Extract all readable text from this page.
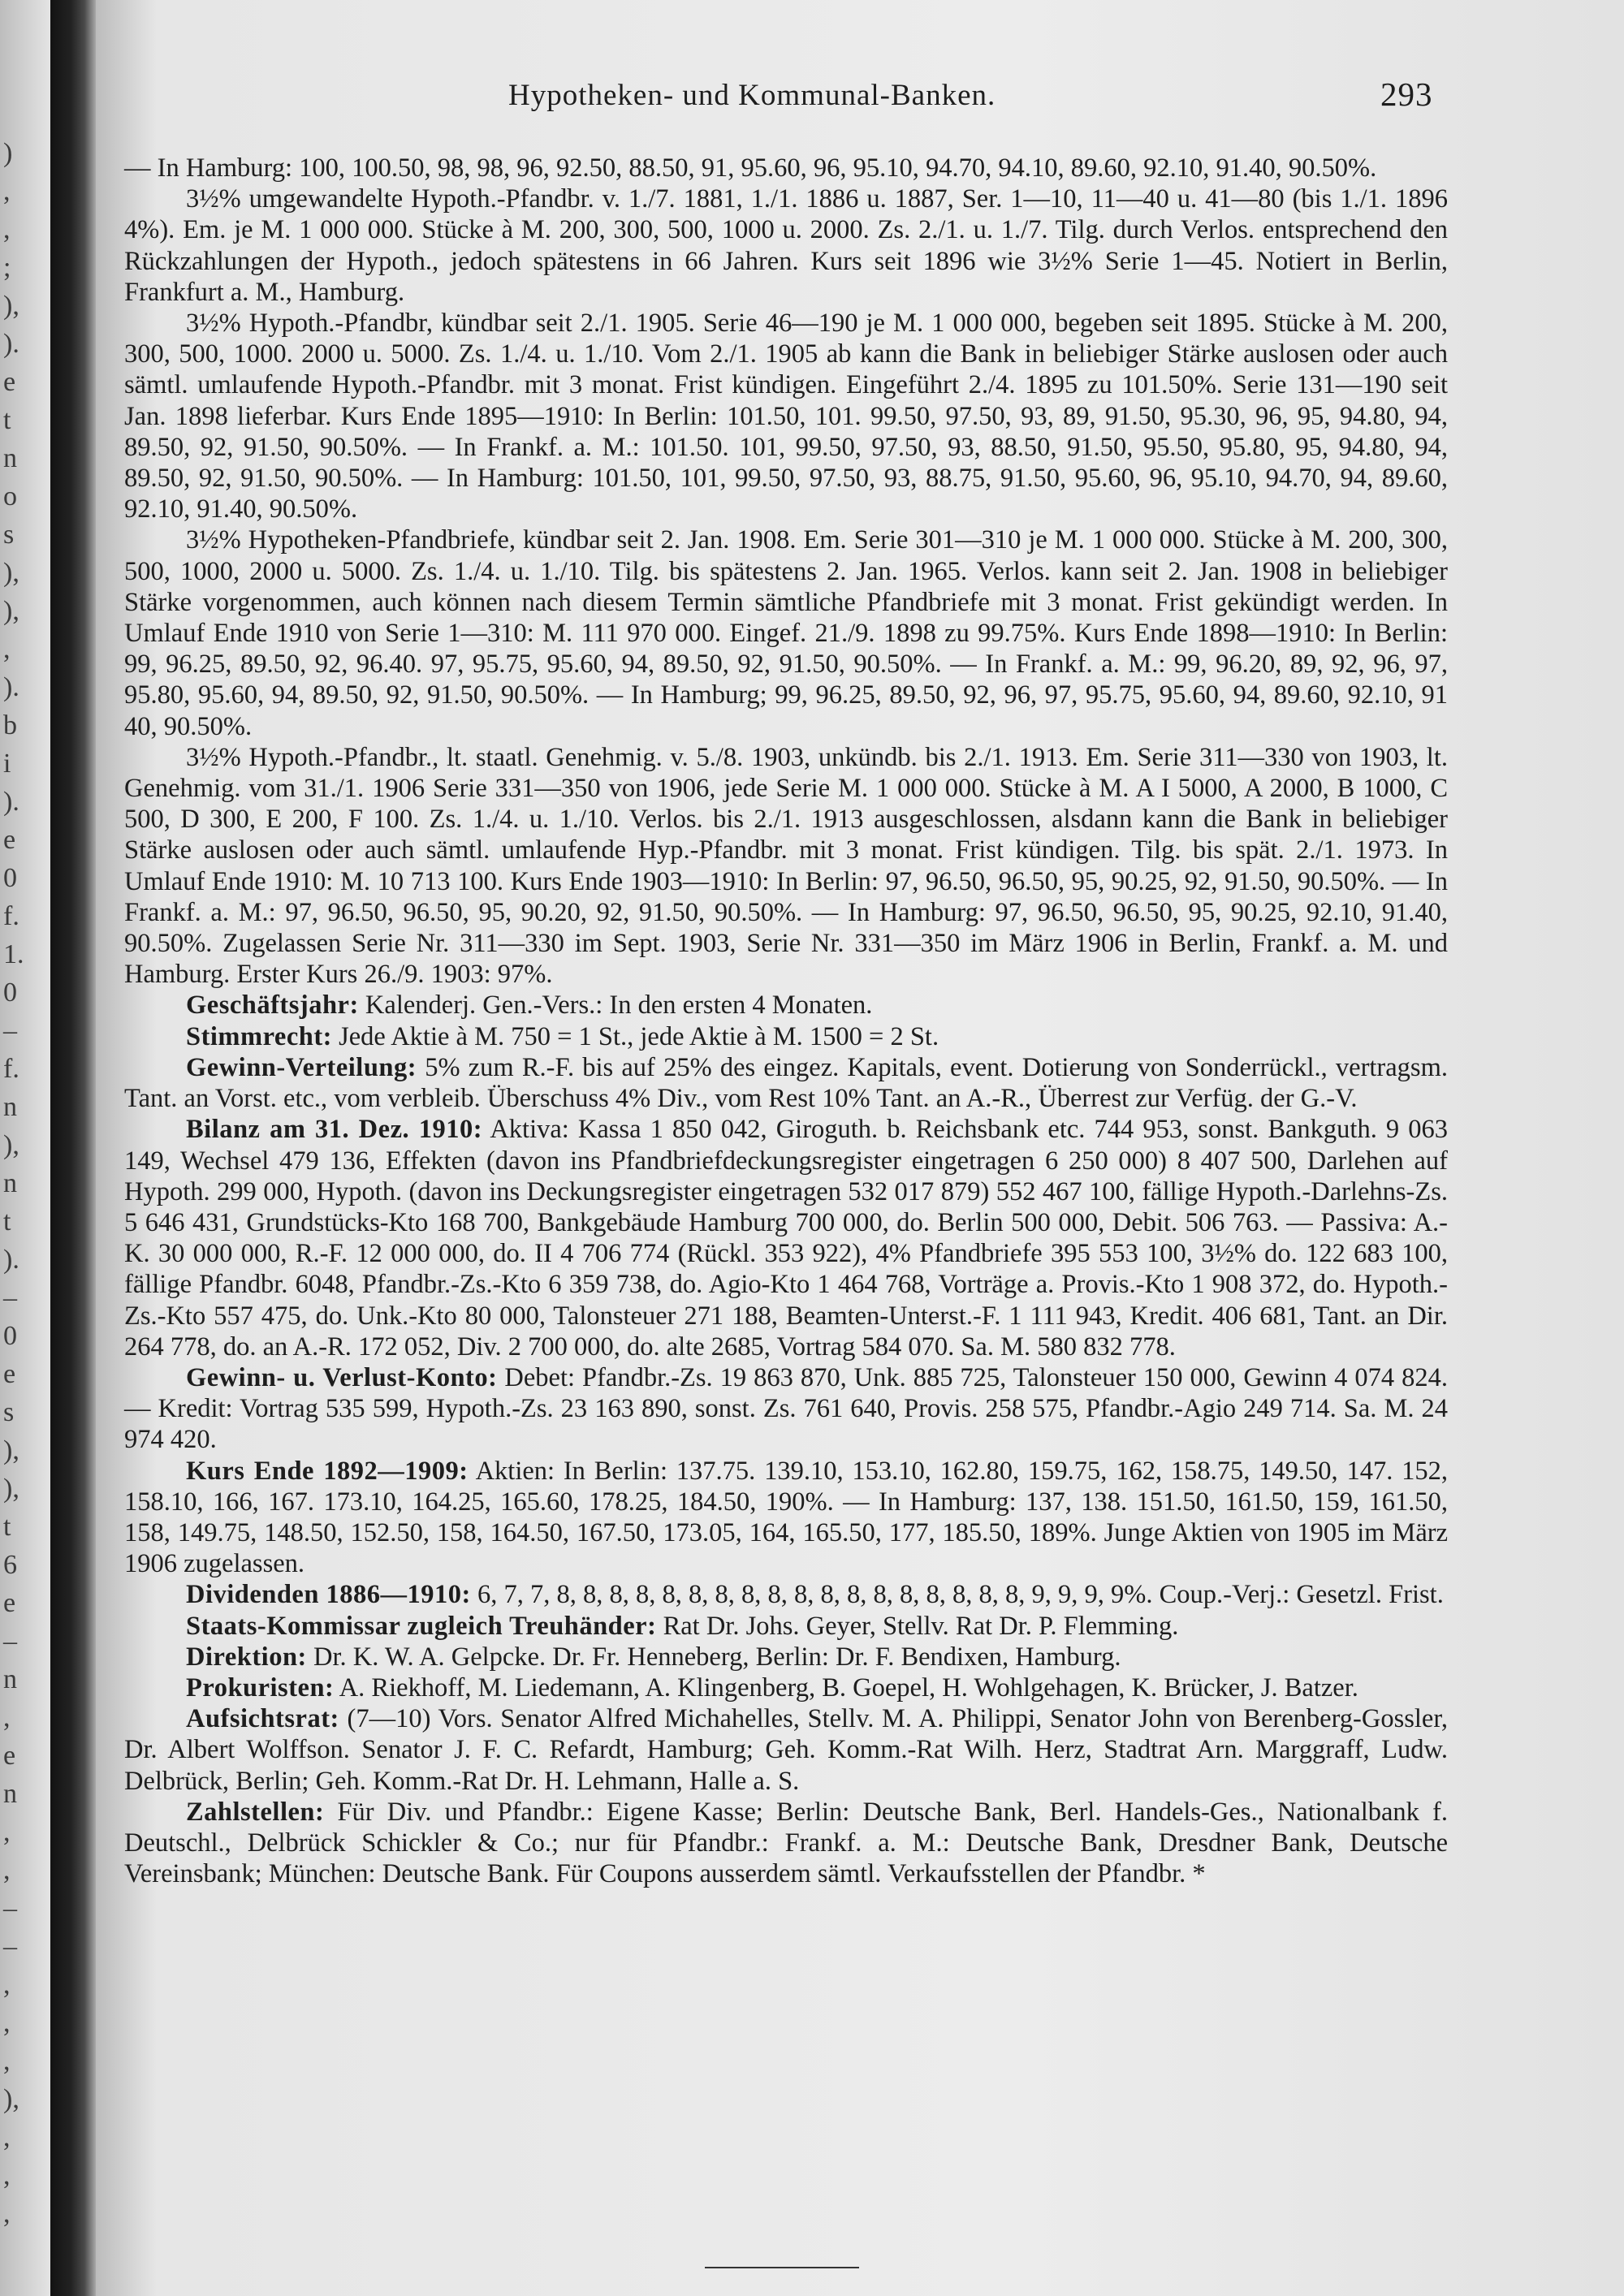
)
,
,
;
),
).
e
t
n
o
s
),
),
,
).
b
i
).
e
0
f.
1.
0
–
f.
n
),
n
t
).
–
0
e
s
),
),
t
6
e
–
n
,
e
n
,
,
–
–
,
,
,
),
,
,
,
Hypotheken- und Kommunal-Banken.	293

— In Hamburg: 100, 100.50, 98, 98, 96, 92.50, 88.50, 91, 95.60, 96, 95.10, 94.70, 94.10, 89.60, 92.10, 91.40, 90.50%.

3½% umgewandelte Hypoth.-Pfandbr. v. 1./7. 1881, 1./1. 1886 u. 1887, Ser. 1—10, 11—40 u. 41—80 (bis 1./1. 1896 4%). Em. je M. 1 000 000. Stücke à M. 200, 300, 500, 1000 u. 2000. Zs. 2./1. u. 1./7. Tilg. durch Verlos. entsprechend den Rückzahlungen der Hypoth., jedoch spätestens in 66 Jahren. Kurs seit 1896 wie 3½% Serie 1—45. Notiert in Berlin, Frankfurt a. M., Hamburg.

3½% Hypoth.-Pfandbr, kündbar seit 2./1. 1905. Serie 46—190 je M. 1 000 000, begeben seit 1895. Stücke à M. 200, 300, 500, 1000. 2000 u. 5000. Zs. 1./4. u. 1./10. Vom 2./1. 1905 ab kann die Bank in beliebiger Stärke auslosen oder auch sämtl. umlaufende Hypoth.-Pfandbr. mit 3 monat. Frist kündigen. Eingeführt 2./4. 1895 zu 101.50%. Serie 131—190 seit Jan. 1898 lieferbar. Kurs Ende 1895—1910: In Berlin: 101.50, 101. 99.50, 97.50, 93, 89, 91.50, 95.30, 96, 95, 94.80, 94, 89.50, 92, 91.50, 90.50%. — In Frankf. a. M.: 101.50. 101, 99.50, 97.50, 93, 88.50, 91.50, 95.50, 95.80, 95, 94.80, 94, 89.50, 92, 91.50, 90.50%. — In Hamburg: 101.50, 101, 99.50, 97.50, 93, 88.75, 91.50, 95.60, 96, 95.10, 94.70, 94, 89.60, 92.10, 91.40, 90.50%.

3½% Hypotheken-Pfandbriefe, kündbar seit 2. Jan. 1908. Em. Serie 301—310 je M. 1 000 000. Stücke à M. 200, 300, 500, 1000, 2000 u. 5000. Zs. 1./4. u. 1./10. Tilg. bis spätestens 2. Jan. 1965. Verlos. kann seit 2. Jan. 1908 in beliebiger Stärke vorgenommen, auch können nach diesem Termin sämtliche Pfandbriefe mit 3 monat. Frist gekündigt werden. In Umlauf Ende 1910 von Serie 1—310: M. 111 970 000. Eingef. 21./9. 1898 zu 99.75%. Kurs Ende 1898—1910: In Berlin: 99, 96.25, 89.50, 92, 96.40. 97, 95.75, 95.60, 94, 89.50, 92, 91.50, 90.50%. — In Frankf. a. M.: 99, 96.20, 89, 92, 96, 97, 95.80, 95.60, 94, 89.50, 92, 91.50, 90.50%. — In Hamburg; 99, 96.25, 89.50, 92, 96, 97, 95.75, 95.60, 94, 89.60, 92.10, 91 40, 90.50%.

3½% Hypoth.-Pfandbr., lt. staatl. Genehmig. v. 5./8. 1903, unkündb. bis 2./1. 1913. Em. Serie 311—330 von 1903, lt. Genehmig. vom 31./1. 1906 Serie 331—350 von 1906, jede Serie M. 1 000 000. Stücke à M. A I 5000, A 2000, B 1000, C 500, D 300, E 200, F 100. Zs. 1./4. u. 1./10. Verlos. bis 2./1. 1913 ausgeschlossen, alsdann kann die Bank in beliebiger Stärke auslosen oder auch sämtl. umlaufende Hyp.-Pfandbr. mit 3 monat. Frist kündigen. Tilg. bis spät. 2./1. 1973. In Umlauf Ende 1910: M. 10 713 100. Kurs Ende 1903—1910: In Berlin: 97, 96.50, 96.50, 95, 90.25, 92, 91.50, 90.50%. — In Frankf. a. M.: 97, 96.50, 96.50, 95, 90.20, 92, 91.50, 90.50%. — In Hamburg: 97, 96.50, 96.50, 95, 90.25, 92.10, 91.40, 90.50%. Zugelassen Serie Nr. 311—330 im Sept. 1903, Serie Nr. 331—350 im März 1906 in Berlin, Frankf. a. M. und Hamburg. Erster Kurs 26./9. 1903: 97%.

Geschäftsjahr: Kalenderj. Gen.-Vers.: In den ersten 4 Monaten.

Stimmrecht: Jede Aktie à M. 750 = 1 St., jede Aktie à M. 1500 = 2 St.

Gewinn-Verteilung: 5% zum R.-F. bis auf 25% des eingez. Kapitals, event. Dotierung von Sonderrückl., vertragsm. Tant. an Vorst. etc., vom verbleib. Überschuss 4% Div., vom Rest 10% Tant. an A.-R., Überrest zur Verfüg. der G.-V.

Bilanz am 31. Dez. 1910: Aktiva: Kassa 1 850 042, Giroguth. b. Reichsbank etc. 744 953, sonst. Bankguth. 9 063 149, Wechsel 479 136, Effekten (davon ins Pfandbriefdeckungsregister eingetragen 6 250 000) 8 407 500, Darlehen auf Hypoth. 299 000, Hypoth. (davon ins Deckungsregister eingetragen 532 017 879) 552 467 100, fällige Hypoth.-Darlehns-Zs. 5 646 431, Grundstücks-Kto 168 700, Bankgebäude Hamburg 700 000, do. Berlin 500 000, Debit. 506 763. — Passiva: A.-K. 30 000 000, R.-F. 12 000 000, do. II 4 706 774 (Rückl. 353 922), 4% Pfandbriefe 395 553 100, 3½% do. 122 683 100, fällige Pfandbr. 6048, Pfandbr.-Zs.-Kto 6 359 738, do. Agio-Kto 1 464 768, Vorträge a. Provis.-Kto 1 908 372, do. Hypoth.-Zs.-Kto 557 475, do. Unk.-Kto 80 000, Talonsteuer 271 188, Beamten-Unterst.-F. 1 111 943, Kredit. 406 681, Tant. an Dir. 264 778, do. an A.-R. 172 052, Div. 2 700 000, do. alte 2685, Vortrag 584 070. Sa. M. 580 832 778.

Gewinn- u. Verlust-Konto: Debet: Pfandbr.-Zs. 19 863 870, Unk. 885 725, Talonsteuer 150 000, Gewinn 4 074 824. — Kredit: Vortrag 535 599, Hypoth.-Zs. 23 163 890, sonst. Zs. 761 640, Provis. 258 575, Pfandbr.-Agio 249 714. Sa. M. 24 974 420.

Kurs Ende 1892—1909: Aktien: In Berlin: 137.75. 139.10, 153.10, 162.80, 159.75, 162, 158.75, 149.50, 147. 152, 158.10, 166, 167. 173.10, 164.25, 165.60, 178.25, 184.50, 190%. — In Hamburg: 137, 138. 151.50, 161.50, 159, 161.50, 158, 149.75, 148.50, 152.50, 158, 164.50, 167.50, 173.05, 164, 165.50, 177, 185.50, 189%. Junge Aktien von 1905 im März 1906 zugelassen.

Dividenden 1886—1910: 6, 7, 7, 8, 8, 8, 8, 8, 8, 8, 8, 8, 8, 8, 8, 8, 8, 8, 8, 8, 8, 9, 9, 9, 9%. Coup.-Verj.: Gesetzl. Frist.

Staats-Kommissar zugleich Treuhänder: Rat Dr. Johs. Geyer, Stellv. Rat Dr. P. Flemming.

Direktion: Dr. K. W. A. Gelpcke. Dr. Fr. Henneberg, Berlin: Dr. F. Bendixen, Hamburg.

Prokuristen: A. Riekhoff, M. Liedemann, A. Klingenberg, B. Goepel, H. Wohlgehagen, K. Brücker, J. Batzer.

Aufsichtsrat: (7—10) Vors. Senator Alfred Michahelles, Stellv. M. A. Philippi, Senator John von Berenberg-Gossler, Dr. Albert Wolffson. Senator J. F. C. Refardt, Hamburg; Geh. Komm.-Rat Wilh. Herz, Stadtrat Arn. Marggraff, Ludw. Delbrück, Berlin; Geh. Komm.-Rat Dr. H. Lehmann, Halle a. S.

Zahlstellen: Für Div. und Pfandbr.: Eigene Kasse; Berlin: Deutsche Bank, Berl. Handels-Ges., Nationalbank f. Deutschl., Delbrück Schickler & Co.; nur für Pfandbr.: Frankf. a. M.: Deutsche Bank, Dresdner Bank, Deutsche Vereinsbank; München: Deutsche Bank. Für Coupons ausserdem sämtl. Verkaufsstellen der Pfandbr. *
